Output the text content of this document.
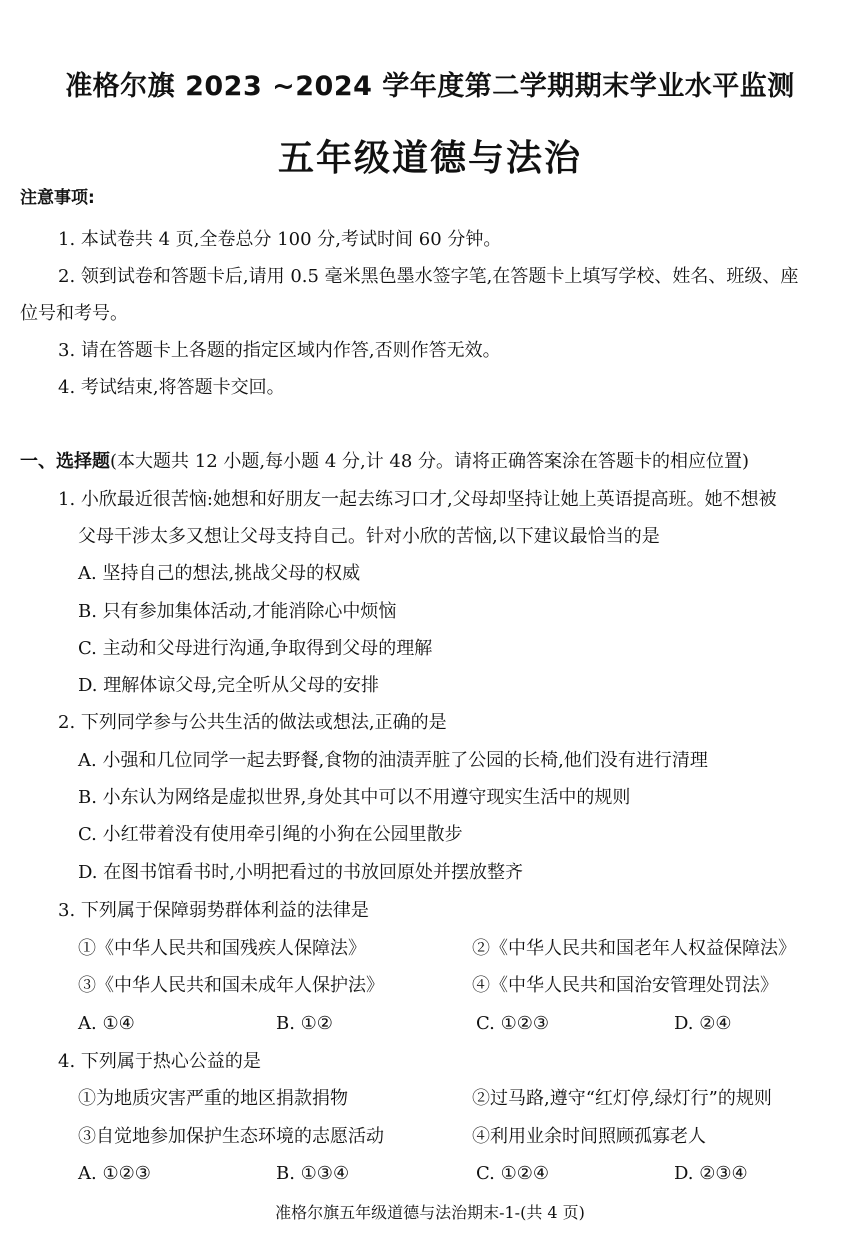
准格尔旗 2023 ~2024 学年度第二学期期末学业水平监测
五年级道德与法治
注意事项:
1. 本试卷共 4 页,全卷总分 100 分,考试时间 60 分钟。
2. 领到试卷和答题卡后,请用 0.5 毫米黑色墨水签字笔,在答题卡上填写学校、姓名、班级、座
位号和考号。
3. 请在答题卡上各题的指定区域内作答,否则作答无效。
4. 考试结束,将答题卡交回。
一、选择题(本大题共 12 小题,每小题 4 分,计 48 分。请将正确答案涂在答题卡的相应位置)
1. 小欣最近很苦恼:她想和好朋友一起去练习口才,父母却坚持让她上英语提高班。她不想被
父母干涉太多又想让父母支持自己。针对小欣的苦恼,以下建议最恰当的是
A. 坚持自己的想法,挑战父母的权威
B. 只有参加集体活动,才能消除心中烦恼
C. 主动和父母进行沟通,争取得到父母的理解
D. 理解体谅父母,完全听从父母的安排
2. 下列同学参与公共生活的做法或想法,正确的是
A. 小强和几位同学一起去野餐,食物的油渍弄脏了公园的长椅,他们没有进行清理
B. 小东认为网络是虚拟世界,身处其中可以不用遵守现实生活中的规则
C. 小红带着没有使用牵引绳的小狗在公园里散步
D. 在图书馆看书时,小明把看过的书放回原处并摆放整齐
3. 下列属于保障弱势群体利益的法律是
①《中华人民共和国残疾人保障法》	②《中华人民共和国老年人权益保障法》
③《中华人民共和国未成年人保护法》	④《中华人民共和国治安管理处罚法》
A. ①④	B. ①②	C. ①②③	D. ②④
4. 下列属于热心公益的是
①为地质灾害严重的地区捐款捐物	②过马路,遵守“红灯停,绿灯行”的规则
③自觉地参加保护生态环境的志愿活动	④利用业余时间照顾孤寡老人
A. ①②③	B. ①③④	C. ①②④	D. ②③④
准格尔旗五年级道德与法治期末-1-(共 4 页)
